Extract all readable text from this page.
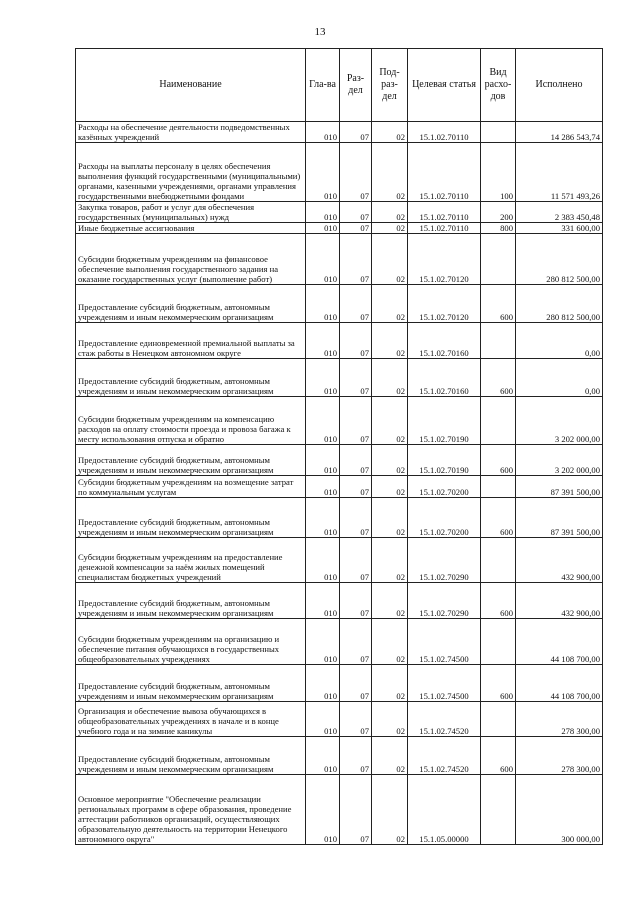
13
Наименование	Гла-ва	Раз-дел	Под-раз-дел	Целевая статья	Вид расхо-дов	Исполнено
Расходы на обеспечение деятельности подведомственных казённых учреждений	010	07	02	15.1.02.70110		14 286 543,74
Расходы на выплаты персоналу в целях обеспечения выполнения функций государственными (муниципальными) органами, казенными учреждениями, органами управления государственными внебюджетными фондами	010	07	02	15.1.02.70110	100	11 571 493,26
Закупка товаров, работ и услуг для обеспечения государственных (муниципальных) нужд	010	07	02	15.1.02.70110	200	2 383 450,48
Иные бюджетные ассигнования	010	07	02	15.1.02.70110	800	331 600,00
Субсидии бюджетным учреждениям на финансовое обеспечение выполнения государственного задания на оказание государственных услуг (выполнение работ)	010	07	02	15.1.02.70120		280 812 500,00
Предоставление субсидий бюджетным, автономным учреждениям и иным некоммерческим организациям	010	07	02	15.1.02.70120	600	280 812 500,00
Предоставление единовременной премиальной выплаты за стаж работы в Ненецком автономном округе	010	07	02	15.1.02.70160		0,00
Предоставление субсидий бюджетным, автономным учреждениям и иным некоммерческим организациям	010	07	02	15.1.02.70160	600	0,00
Субсидии бюджетным учреждениям на компенсацию расходов на оплату стоимости проезда и провоза багажа к месту использования отпуска и обратно	010	07	02	15.1.02.70190		3 202 000,00
Предоставление субсидий бюджетным, автономным учреждениям и иным некоммерческим организациям	010	07	02	15.1.02.70190	600	3 202 000,00
Субсидии бюджетным учреждениям на возмещение затрат по коммунальным услугам	010	07	02	15.1.02.70200		87 391 500,00
Предоставление субсидий бюджетным, автономным учреждениям и иным некоммерческим организациям	010	07	02	15.1.02.70200	600	87 391 500,00
Субсидии бюджетным учреждениям на предоставление денежной компенсации за наём жилых помещений специалистам бюджетных учреждений	010	07	02	15.1.02.70290		432 900,00
Предоставление субсидий бюджетным, автономным учреждениям и иным некоммерческим организациям	010	07	02	15.1.02.70290	600	432 900,00
Субсидии бюджетным учреждениям на организацию и обеспечение питания обучающихся в государственных общеобразовательных учреждениях	010	07	02	15.1.02.74500		44 108 700,00
Предоставление субсидий бюджетным, автономным учреждениям и иным некоммерческим организациям	010	07	02	15.1.02.74500	600	44 108 700,00
Организация и обеспечение вывоза обучающихся в общеобразовательных учреждениях в начале и в конце учебного года и на зимние каникулы	010	07	02	15.1.02.74520		278 300,00
Предоставление субсидий бюджетным, автономным учреждениям и иным некоммерческим организациям	010	07	02	15.1.02.74520	600	278 300,00
Основное мероприятие "Обеспечение реализации региональных программ в сфере образования, проведение аттестации работников организаций, осуществляющих образовательную деятельность на территории Ненецкого автономного округа"	010	07	02	15.1.05.00000		300 000,00
